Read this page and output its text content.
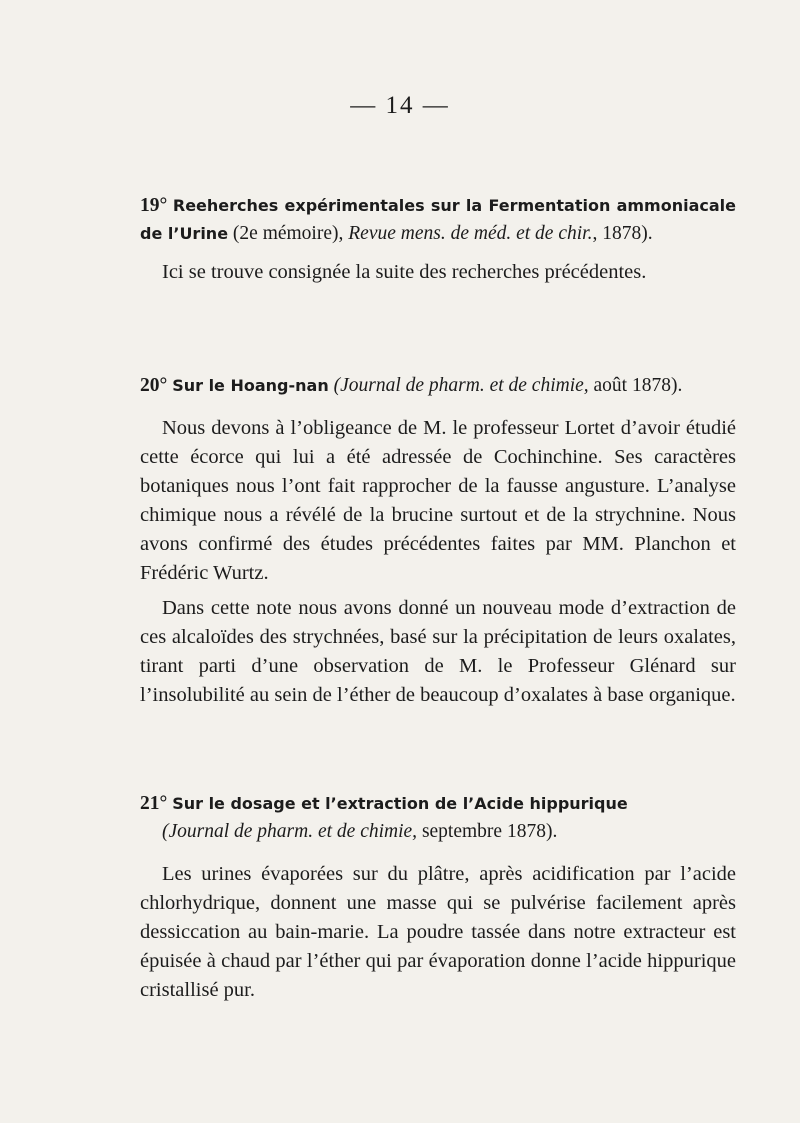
— 14 —

19° Reeherches expérimentales sur la Fermentation ammoniacale de l’Urine (2e mémoire), Revue mens. de méd. et de chir., 1878).

Ici se trouve consignée la suite des recherches précédentes.

20° Sur le Hoang-nan (Journal de pharm. et de chimie, août 1878).

Nous devons à l’obligeance de M. le professeur Lortet d’avoir étudié cette écorce qui lui a été adressée de Cochinchine. Ses caractères botaniques nous l’ont fait rapprocher de la fausse angusture. L’analyse chimique nous a révélé de la brucine surtout et de la strychnine. Nous avons confirmé des études précédentes faites par MM. Planchon et Frédéric Wurtz.

Dans cette note nous avons donné un nouveau mode d’extraction de ces alcaloïdes des strychnées, basé sur la précipitation de leurs oxalates, tirant parti d’une observation de M. le Professeur Glénard sur l’insolubilité au sein de l’éther de beaucoup d’oxalates à base organique.

21° Sur le dosage et l’extraction de l’Acide hippurique
(Journal de pharm. et de chimie, septembre 1878).

Les urines évaporées sur du plâtre, après acidification par l’acide chlorhydrique, donnent une masse qui se pulvérise facilement après dessiccation au bain-marie. La poudre tassée dans notre extracteur est épuisée à chaud par l’éther qui par évaporation donne l’acide hippurique cristallisé pur.
